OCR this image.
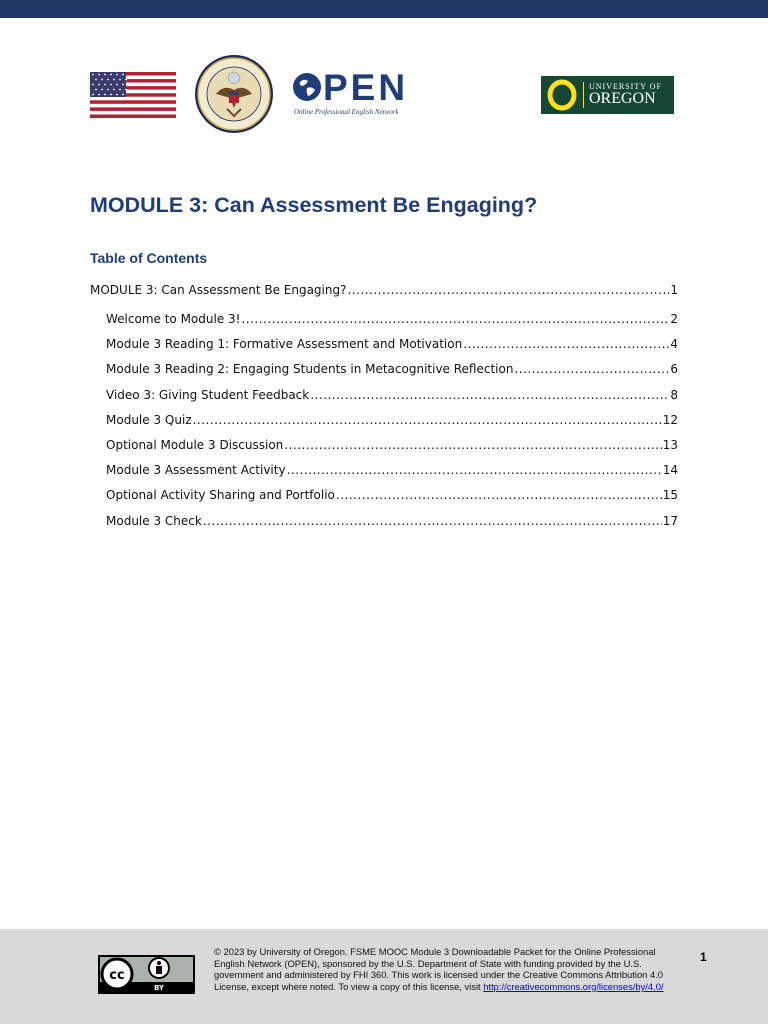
PEN
Online Professional English Network
UNIVERSITY OF
OREGON
MODULE 3: Can Assessment Be Engaging?
Table of Contents
MODULE 3: Can Assessment Be Engaging? .....	1
Welcome to Module 3! .....	2
Module 3 Reading 1: Formative Assessment and Motivation .....	4
Module 3 Reading 2: Engaging Students in Metacognitive Reflection .....	6
Video 3: Giving Student Feedback .....	8
Module 3 Quiz .....	12
Optional Module 3 Discussion .....	13
Module 3 Assessment Activity .....	14
Optional Activity Sharing and Portfolio .....	15
Module 3 Check .....	17
cc
BY
© 2023 by University of Oregon. FSME MOOC Module 3 Downloadable Packet for the Online Professional English Network (OPEN), sponsored by the U.S. Department of State with funding provided by the U.S. government and administered by FHI 360. This work is licensed under the Creative Commons Attribution 4.0 License, except where noted. To view a copy of this license, visit http://creativecommons.org/licenses/by/4.0/
1
